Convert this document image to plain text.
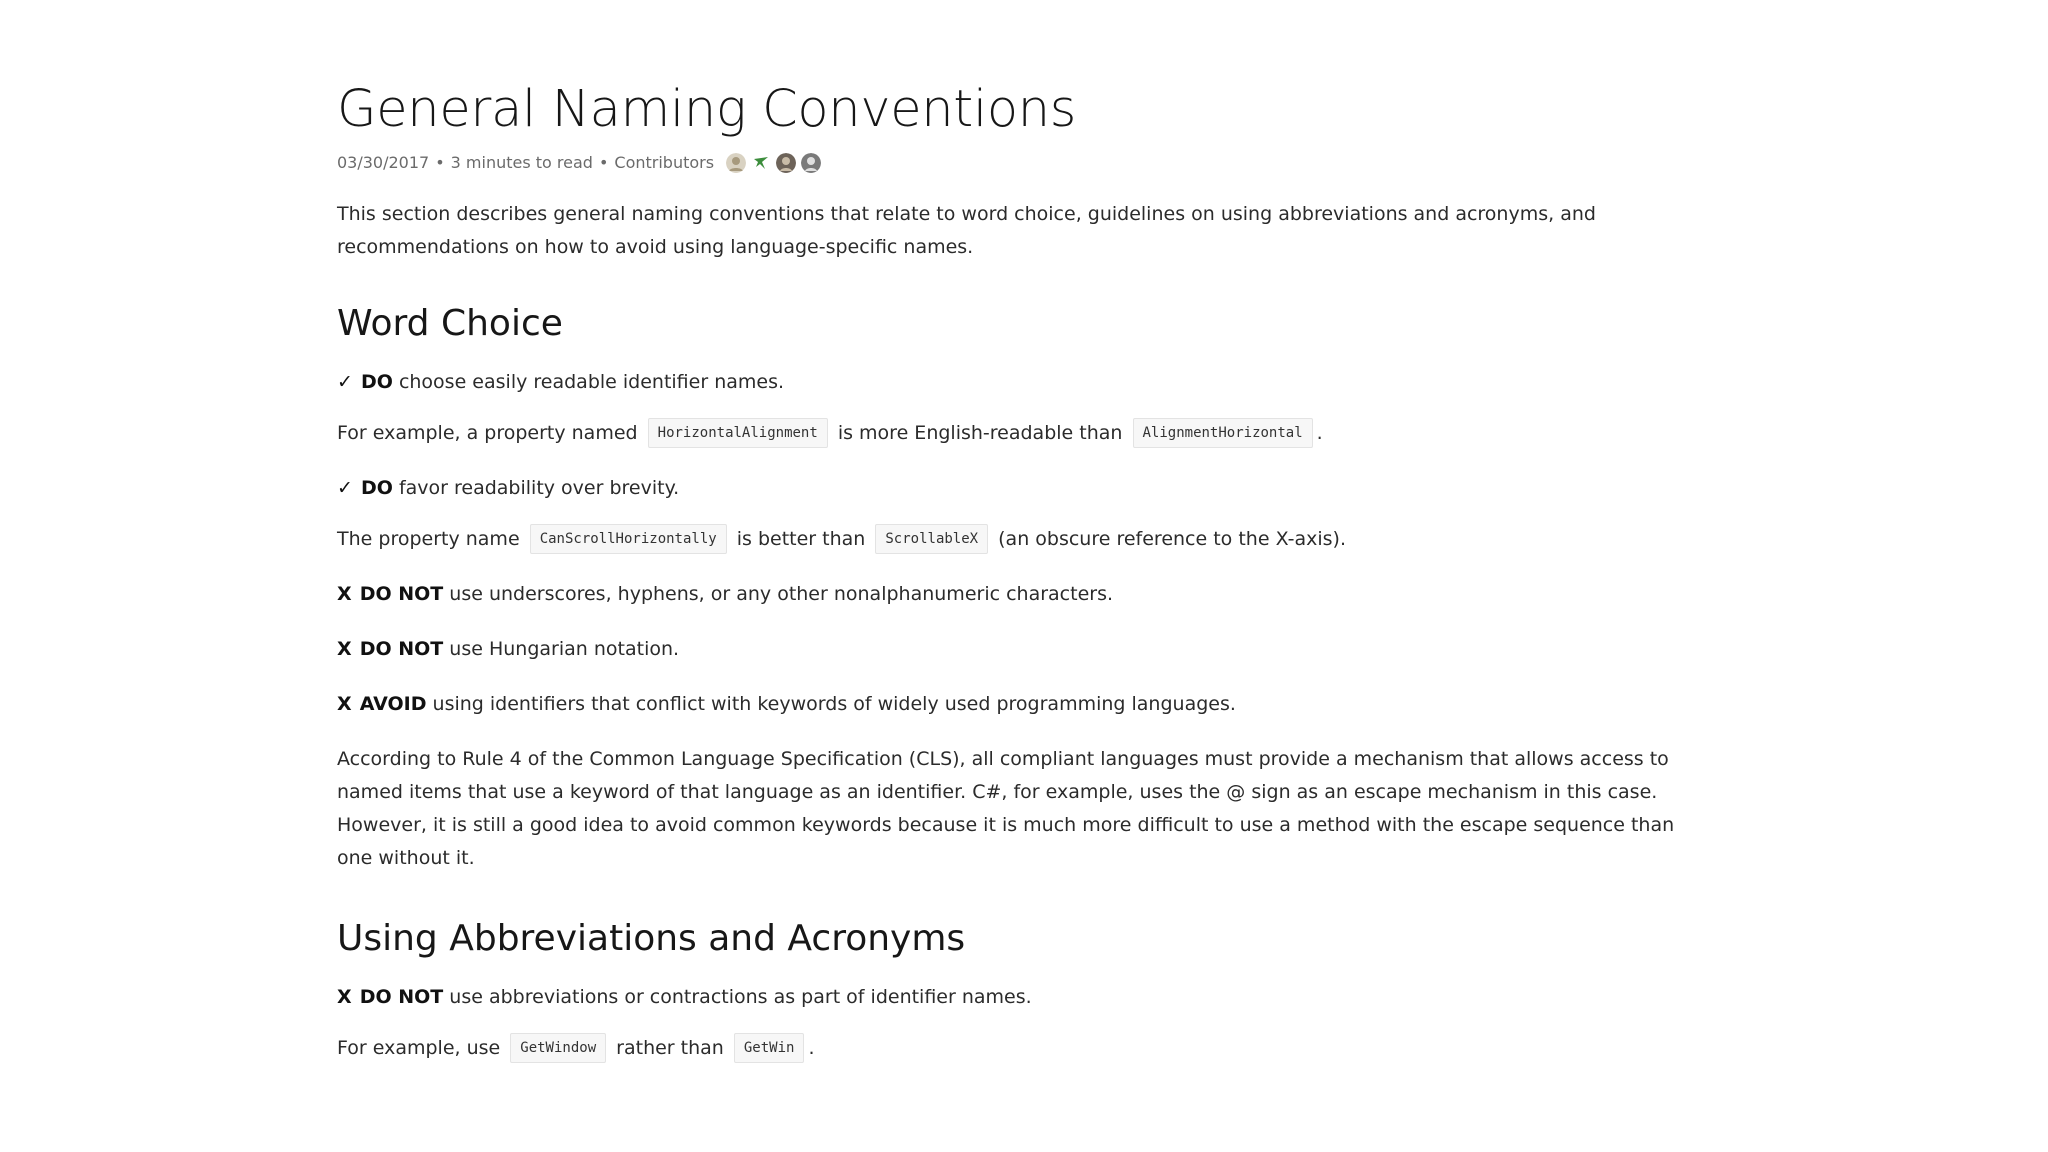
General Naming Conventions
03/30/2017 • 3 minutes to read • Contributors

This section describes general naming conventions that relate to word choice, guidelines on using abbreviations and acronyms, and recommendations on how to avoid using language-specific names.

Word Choice

✓ DO choose easily readable identifier names.

For example, a property named HorizontalAlignment is more English-readable than AlignmentHorizontal .

✓ DO favor readability over brevity.

The property name CanScrollHorizontally is better than ScrollableX (an obscure reference to the X-axis).

X DO NOT use underscores, hyphens, or any other nonalphanumeric characters.

X DO NOT use Hungarian notation.

X AVOID using identifiers that conflict with keywords of widely used programming languages.

According to Rule 4 of the Common Language Specification (CLS), all compliant languages must provide a mechanism that allows access to named items that use a keyword of that language as an identifier. C#, for example, uses the @ sign as an escape mechanism in this case. However, it is still a good idea to avoid common keywords because it is much more difficult to use a method with the escape sequence than one without it.

Using Abbreviations and Acronyms

X DO NOT use abbreviations or contractions as part of identifier names.

For example, use GetWindow rather than GetWin .
